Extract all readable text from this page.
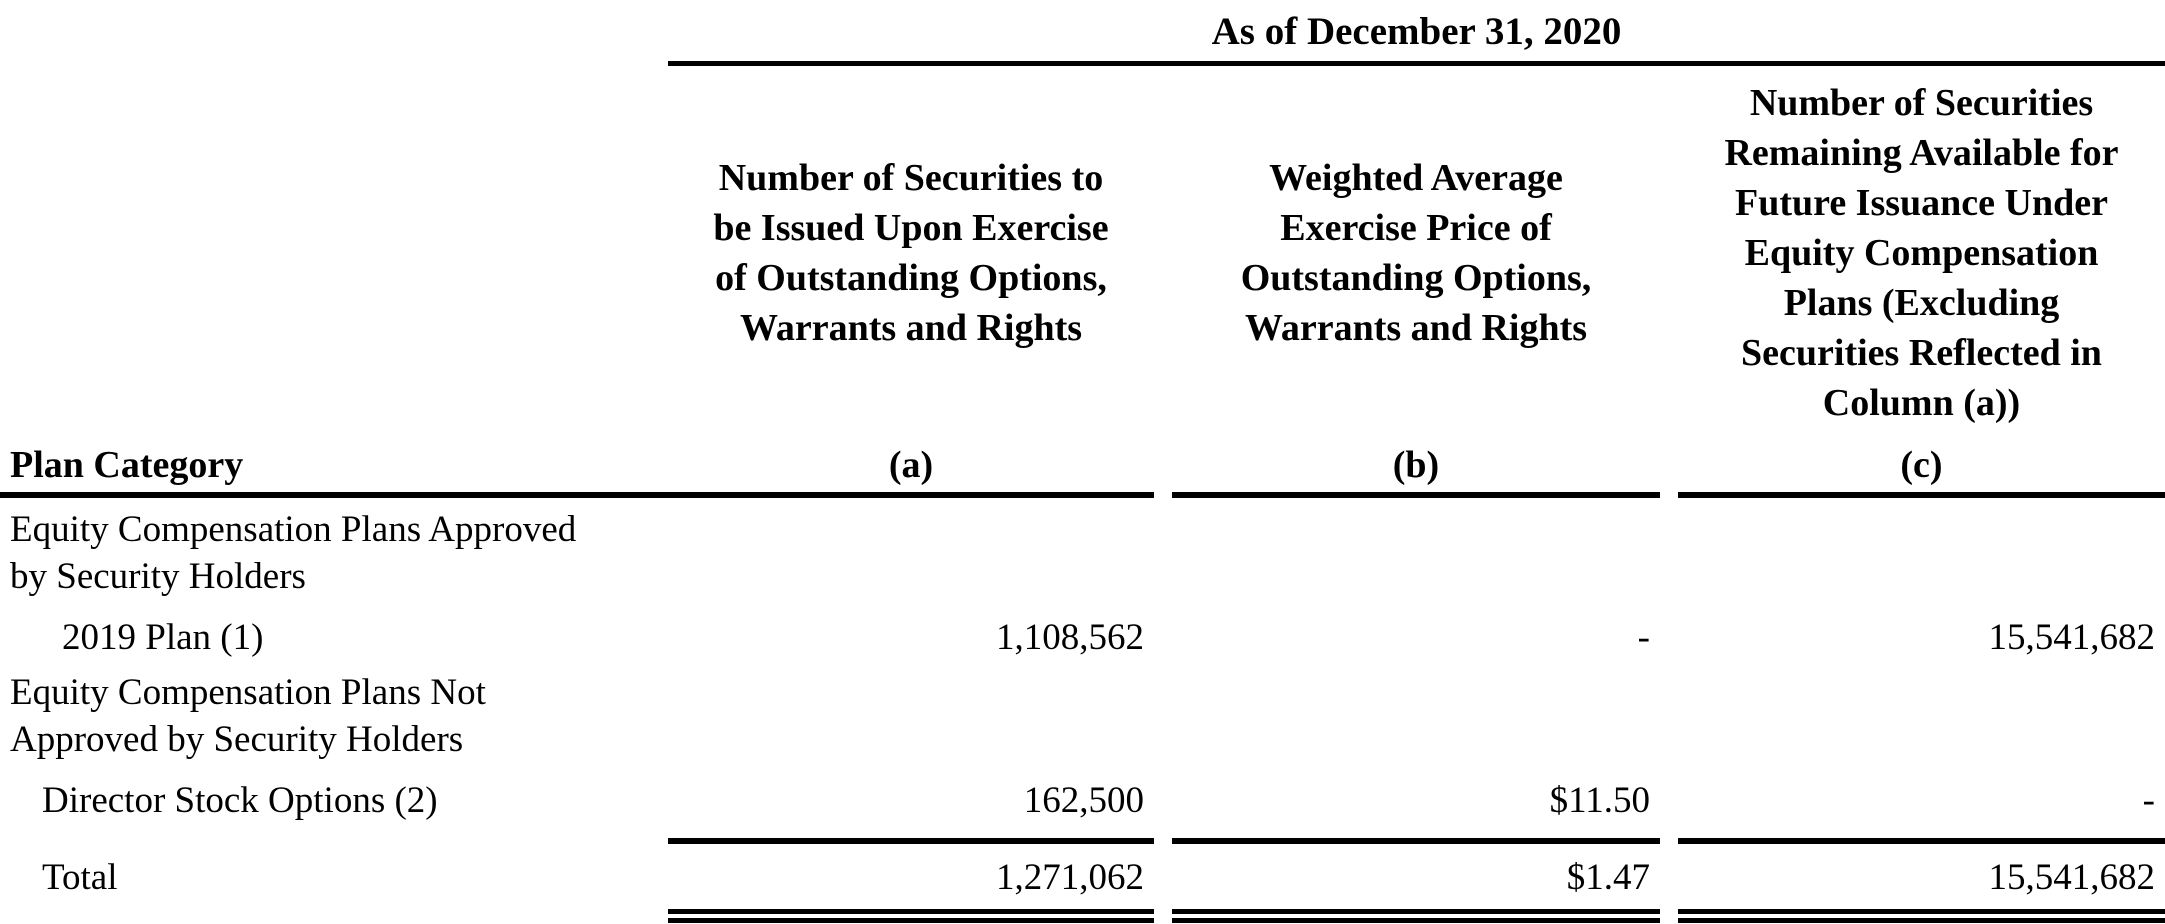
As of December 31, 2020
Number of Securities to
be Issued Upon Exercise
of Outstanding Options,
Warrants and Rights
Weighted Average
Exercise Price of
Outstanding Options,
Warrants and Rights
Number of Securities
Remaining Available for
Future Issuance Under
Equity Compensation
Plans (Excluding
Securities Reflected in
Column (a))
Plan Category	(a)	(b)	(c)
Equity Compensation Plans Approved
by Security Holders
2019 Plan (1)	1,108,562	-	15,541,682
Equity Compensation Plans Not
Approved by Security Holders
Director Stock Options (2)	162,500	$11.50	-
Total	1,271,062	$1.47	15,541,682
